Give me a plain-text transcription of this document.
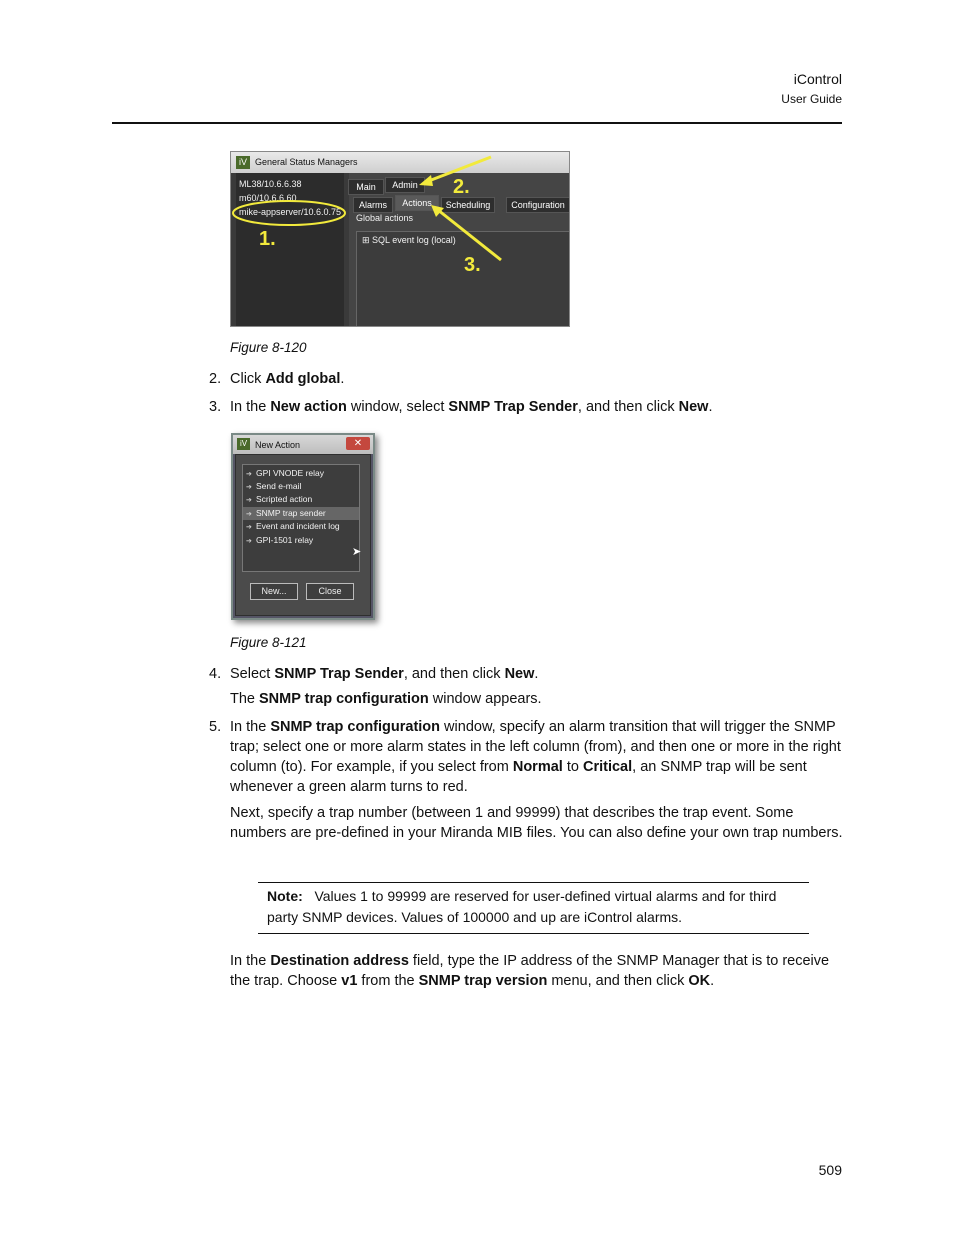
iControl
User Guide
iV General Status Managers
ML38/10.6.6.38
m60/10.6.6.60
mike-appserver/10.6.0.75
Main	Admin
Alarms	Actions	Scheduling	Configuration
Global actions
⊞ SQL event log (local)
1.
2.
3.
Figure 8-120
2. Click Add global.
3. In the New action window, select SNMP Trap Sender, and then click New.
iV New Action	✕
➔ GPI VNODE relay
➔ Send e-mail
➔ Scripted action
➔ SNMP trap sender
➔ Event and incident log
➔ GPI-1501 relay
➤
New...	Close
Figure 8-121
4. Select SNMP Trap Sender, and then click New.
The SNMP trap configuration window appears.
5. In the SNMP trap configuration window, specify an alarm transition that will trigger the SNMP trap; select one or more alarm states in the left column (from), and then one or more in the right column (to). For example, if you select from Normal to Critical, an SNMP trap will be sent whenever a green alarm turns to red.
Next, specify a trap number (between 1 and 99999) that describes the trap event. Some numbers are pre-defined in your Miranda MIB files. You can also define your own trap numbers.
Note: Values 1 to 99999 are reserved for user-defined virtual alarms and for third party SNMP devices. Values of 100000 and up are iControl alarms.
In the Destination address field, type the IP address of the SNMP Manager that is to receive the trap. Choose v1 from the SNMP trap version menu, and then click OK.
509
